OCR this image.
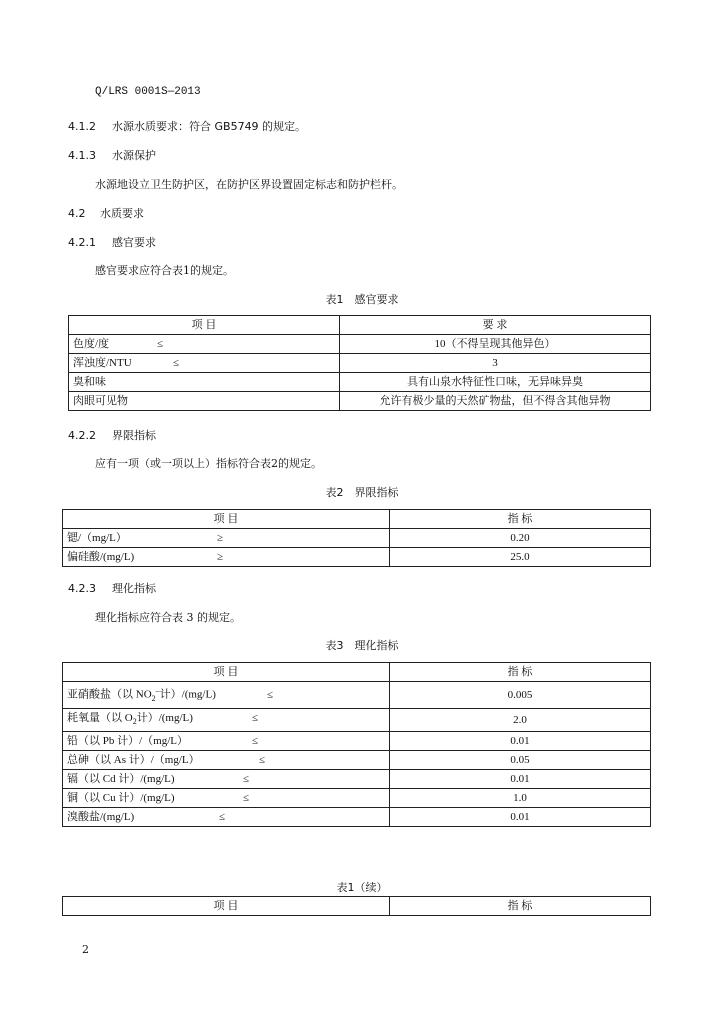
Q/LRS 0001S—2013
4.1.2 水源水质要求：符合 GB5749 的规定。
4.1.3 水源保护
水源地设立卫生防护区，在防护区界设置固定标志和防护栏杆。
4.2 水质要求
4.2.1 感官要求
感官要求应符合表1的规定。
表1　感官要求
项 目	要 求
色度/度 ≤	10（不得呈现其他异色）
浑浊度/NTU ≤	3
臭和味	具有山泉水特征性口味，无异味异臭
肉眼可见物	允许有极少量的天然矿物盐，但不得含其他异物
4.2.2 界限指标
应有一项（或一项以上）指标符合表2的规定。
表2　界限指标
项 目	指 标
锶/（mg/L） ≥	0.20
偏硅酸/(mg/L) ≥	25.0
4.2.3 理化指标
理化指标应符合表 3 的规定。
表3　理化指标
项 目	指 标
亚硝酸盐（以 $NO_2^-$计）/(mg/L) ≤	0.005
耗氧量（以 $O_2$计）/(mg/L) ≤	2.0
铅（以 Pb 计）/（mg/L） ≤	0.01
总砷（以 As 计）/（mg/L） ≤	0.05
镉（以 Cd 计）/(mg/L) ≤	0.01
铜（以 Cu 计）/(mg/L) ≤	1.0
溴酸盐/(mg/L) ≤	0.01
表1（续）
项 目	指 标
2
